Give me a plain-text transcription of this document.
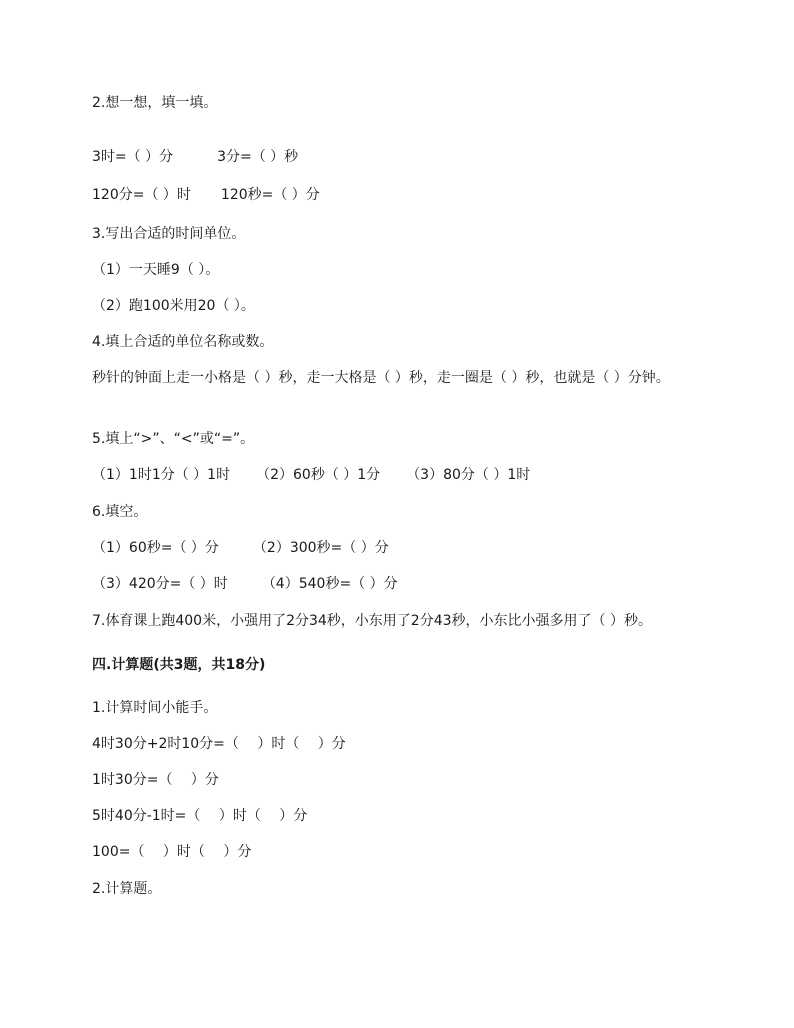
2.想一想，填一填。
3时=（ ）分	3分=（ ）秒
120分=（ ）时 120秒=（ ）分
3.写出合适的时间单位。
（1）一天睡9（ ）。
（2）跑100米用20（ ）。
4.填上合适的单位名称或数。
秒针的钟面上走一小格是（ ）秒，走一大格是（ ）秒，走一圈是（ ）秒，也就是（ ）分钟。
5.填上“>”、“<”或“=”。
（1）1时1分（ ）1时 （2）60秒（ ）1分 （3）80分（ ）1时
6.填空。
（1）60秒=（ ）分 （2）300秒=（ ）分
（3）420分=（ ）时 （4）540秒=（ ）分
7.体育课上跑400米，小强用了2分34秒，小东用了2分43秒，小东比小强多用了（ ）秒。
四.计算题(共3题，共18分)
1.计算时间小能手。
4时30分+2时10分=（　 ）时（　 ）分
1时30分=（　 ）分
5时40分-1时=（　 ）时（　 ）分
100=（　 ）时（　 ）分
2.计算题。
